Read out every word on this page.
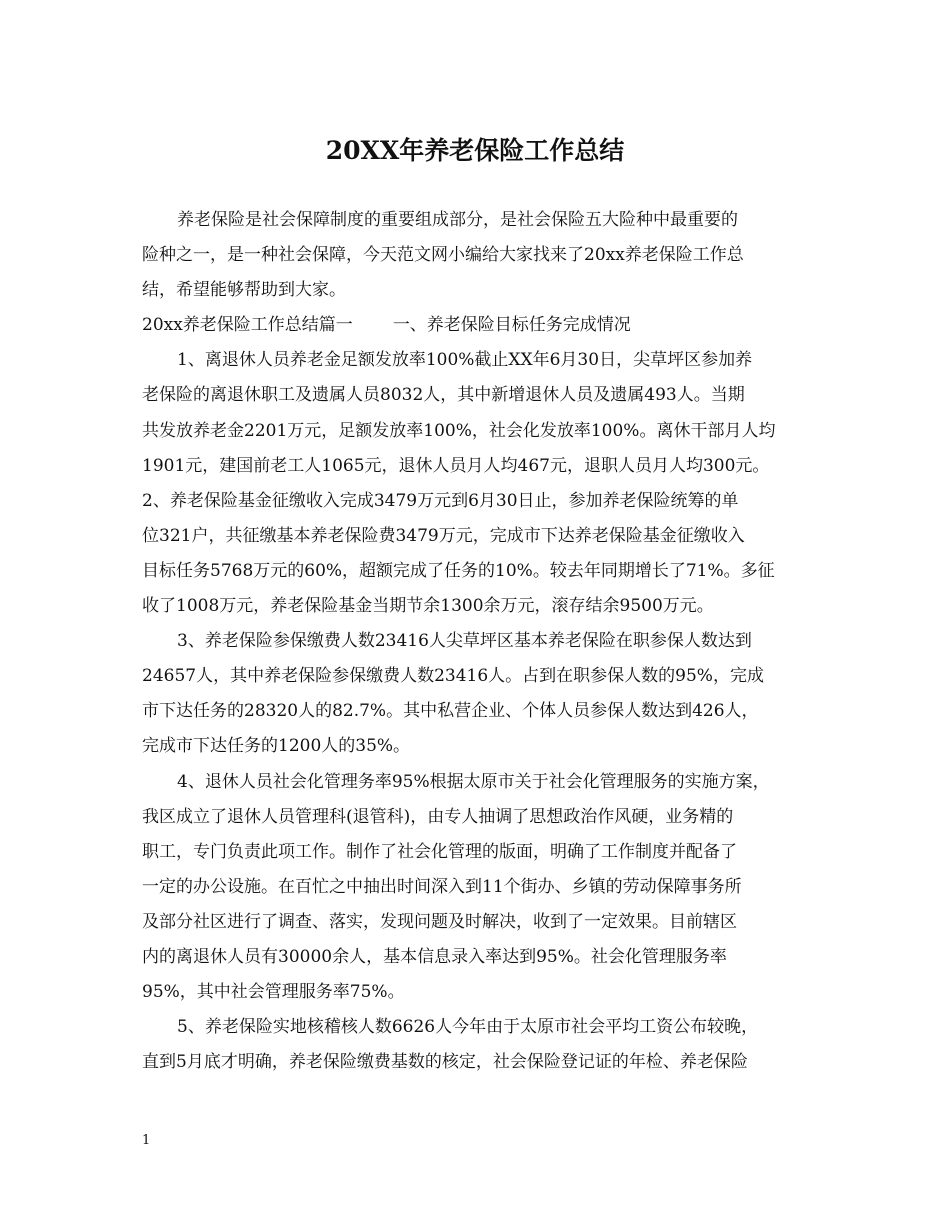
20XX年养老保险工作总结
养老保险是社会保障制度的重要组成部分，是社会保险五大险种中最重要的
险种之一，是一种社会保障，今天范文网小编给大家找来了20xx养老保险工作总
结，希望能够帮助到大家。
20xx养老保险工作总结篇一 一、养老保险目标任务完成情况
1、离退休人员养老金足额发放率100%截止XX年6月30日，尖草坪区参加养
老保险的离退休职工及遗属人员8032人，其中新增退休人员及遗属493人。当期
共发放养老金2201万元，足额发放率100%，社会化发放率100%。离休干部月人均
1901元，建国前老工人1065元，退休人员月人均467元，退职人员月人均300元。
2、养老保险基金征缴收入完成3479万元到6月30日止，参加养老保险统筹的单
位321户，共征缴基本养老保险费3479万元，完成市下达养老保险基金征缴收入
目标任务5768万元的60%，超额完成了任务的10%。较去年同期增长了71%。多征
收了1008万元，养老保险基金当期节余1300余万元，滚存结余9500万元。
3、养老保险参保缴费人数23416人尖草坪区基本养老保险在职参保人数达到
24657人，其中养老保险参保缴费人数23416人。占到在职参保人数的95%，完成
市下达任务的28320人的82.7%。其中私营企业、个体人员参保人数达到426人，
完成市下达任务的1200人的35%。
4、退休人员社会化管理务率95%根据太原市关于社会化管理服务的实施方案，
我区成立了退休人员管理科(退管科)，由专人抽调了思想政治作风硬，业务精的
职工，专门负责此项工作。制作了社会化管理的版面，明确了工作制度并配备了
一定的办公设施。在百忙之中抽出时间深入到11个街办、乡镇的劳动保障事务所
及部分社区进行了调查、落实，发现问题及时解决，收到了一定效果。目前辖区
内的离退休人员有30000余人，基本信息录入率达到95%。社会化管理服务率
95%，其中社会管理服务率75%。
5、养老保险实地核稽核人数6626人今年由于太原市社会平均工资公布较晚，
直到5月底才明确，养老保险缴费基数的核定，社会保险登记证的年检、养老保险
1
